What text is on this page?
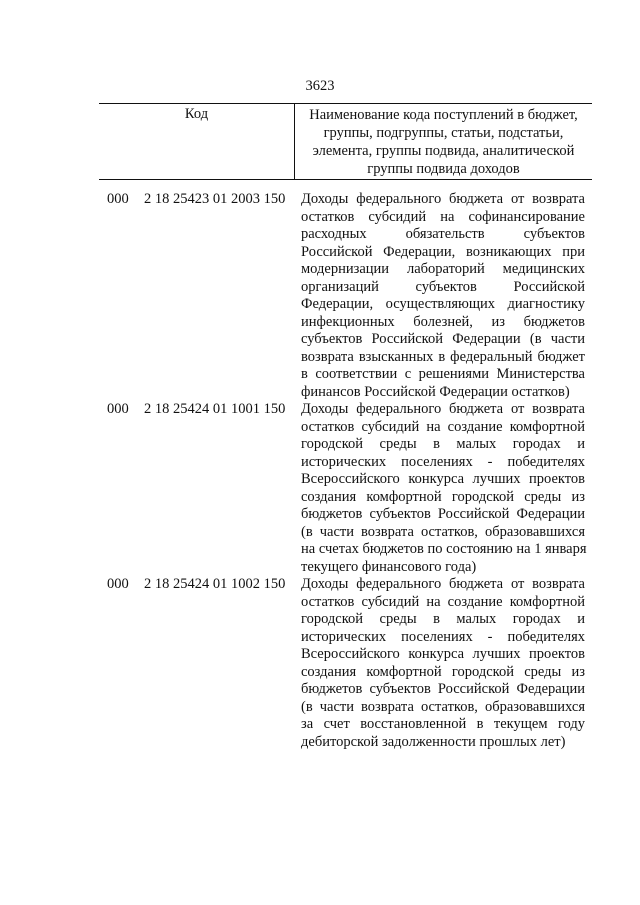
3623
Код	Наименование кода поступлений в бюджет,
группы, подгруппы, статьи, подстатьи,
элемента, группы подвида, аналитической
группы подвида доходов
000 2 18 25423 01 2003 150 Доходы федерального бюджета от возврата
остатков субсидий на софинансирование
расходных обязательств субъектов
Российской Федерации, возникающих при
модернизации лабораторий медицинских
организаций субъектов Российской
Федерации, осуществляющих диагностику
инфекционных болезней, из бюджетов
субъектов Российской Федерации (в части
возврата взысканных в федеральный бюджет
в соответствии с решениями Министерства
финансов Российской Федерации остатков)
000 2 18 25424 01 1001 150 Доходы федерального бюджета от возврата
остатков субсидий на создание комфортной
городской среды в малых городах и
исторических поселениях - победителях
Всероссийского конкурса лучших проектов
создания комфортной городской среды из
бюджетов субъектов Российской Федерации
(в части возврата остатков, образовавшихся
на счетах бюджетов по состоянию на 1 января
текущего финансового года)
000 2 18 25424 01 1002 150 Доходы федерального бюджета от возврата
остатков субсидий на создание комфортной
городской среды в малых городах и
исторических поселениях - победителях
Всероссийского конкурса лучших проектов
создания комфортной городской среды из
бюджетов субъектов Российской Федерации
(в части возврата остатков, образовавшихся
за счет восстановленной в текущем году
дебиторской задолженности прошлых лет)
